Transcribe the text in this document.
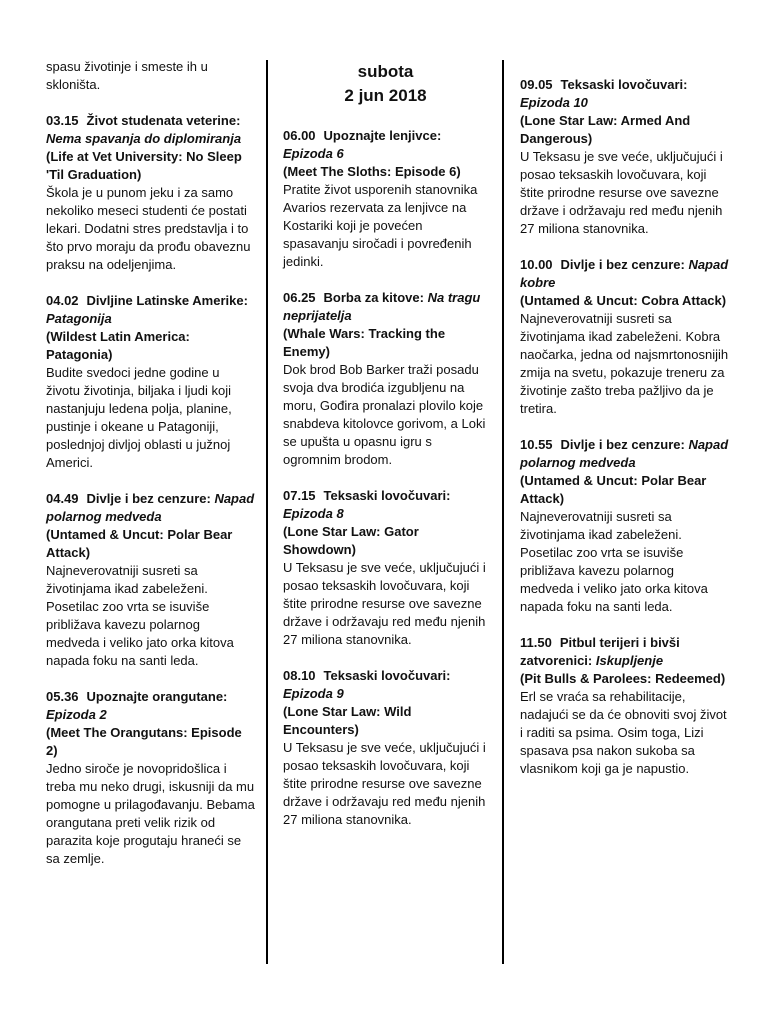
spasu životinje i smeste ih u skloništa.
03.15 Život studenata veterine: Nema spavanja do diplomiranja
(Life at Vet University: No Sleep 'Til Graduation)
Škola je u punom jeku i za samo nekoliko meseci studenti će postati lekari. Dodatni stres predstavlja i to što prvo moraju da prođu obaveznu praksu na odeljenjima.
04.02 Divljine Latinske Amerike: Patagonija
(Wildest Latin America: Patagonia)
Budite svedoci jedne godine u životu životinja, biljaka i ljudi koji nastanjuju ledena polja, planine, pustinje i okeane u Patagoniji, poslednjoj divljoj oblasti u južnoj Americi.
04.49 Divlje i bez cenzure: Napad polarnog medveda
(Untamed & Uncut: Polar Bear Attack)
Najneverovatniji susreti sa životinjama ikad zabeleženi. Posetilac zoo vrta se isuviše približava kavezu polarnog medveda i veliko jato orka kitova napada foku na santi leda.
05.36 Upoznajte orangutane: Epizoda 2
(Meet The Orangutans: Episode 2)
Jedno siroče je novopridošlica i treba mu neko drugi, iskusniji da mu pomogne u prilagođavanju. Bebama orangutana preti velik rizik od parazita koje progutaju hraneći se sa zemlje.
subota
2 jun 2018
06.00 Upoznajte lenjivce: Epizoda 6
(Meet The Sloths: Episode 6)
Pratite život usporenih stanovnika Avarios rezervata za lenjivce na Kostariki koji je povećen spasavanju siročadi i povređenih jedinki.
06.25 Borba za kitove: Na tragu neprijatelja
(Whale Wars: Tracking the Enemy)
Dok brod Bob Barker traži posadu svoja dva brodića izgubljenu na moru, Gođira pronalazi plovilo koje snabdeva kitolovce gorivom, a Loki se upušta u opasnu igru s ogromnim brodom.
07.15 Teksaski lovočuvari: Epizoda 8
(Lone Star Law: Gator Showdown)
U Teksasu je sve veće, uključujući i posao teksaskih lovočuvara, koji štite prirodne resurse ove savezne države i održavaju red među njenih 27 miliona stanovnika.
08.10 Teksaski lovočuvari: Epizoda 9
(Lone Star Law: Wild Encounters)
U Teksasu je sve veće, uključujući i posao teksaskih lovočuvara, koji štite prirodne resurse ove savezne države i održavaju red među njenih 27 miliona stanovnika.
09.05 Teksaski lovočuvari: Epizoda 10
(Lone Star Law: Armed And Dangerous)
U Teksasu je sve veće, uključujući i posao teksaskih lovočuvara, koji štite prirodne resurse ove savezne države i održavaju red među njenih 27 miliona stanovnika.
10.00 Divlje i bez cenzure: Napad kobre
(Untamed & Uncut: Cobra Attack)
Najneverovatniji susreti sa životinjama ikad zabeleženi. Kobra naočarka, jedna od najsmrtonosnijih zmija na svetu, pokazuje treneru za životinje zašto treba pažljivo da je tretira.
10.55 Divlje i bez cenzure: Napad polarnog medveda
(Untamed & Uncut: Polar Bear Attack)
Najneverovatniji susreti sa životinjama ikad zabeleženi. Posetilac zoo vrta se isuviše približava kavezu polarnog medveda i veliko jato orka kitova napada foku na santi leda.
11.50 Pitbul terijeri i bivši zatvorenici: Iskupljenje
(Pit Bulls & Parolees: Redeemed)
Erl se vraća sa rehabilitacije, nadajući se da će obnoviti svoj život i raditi sa psima. Osim toga, Lizi spasava psa nakon sukoba sa vlasnikom koji ga je napustio.
